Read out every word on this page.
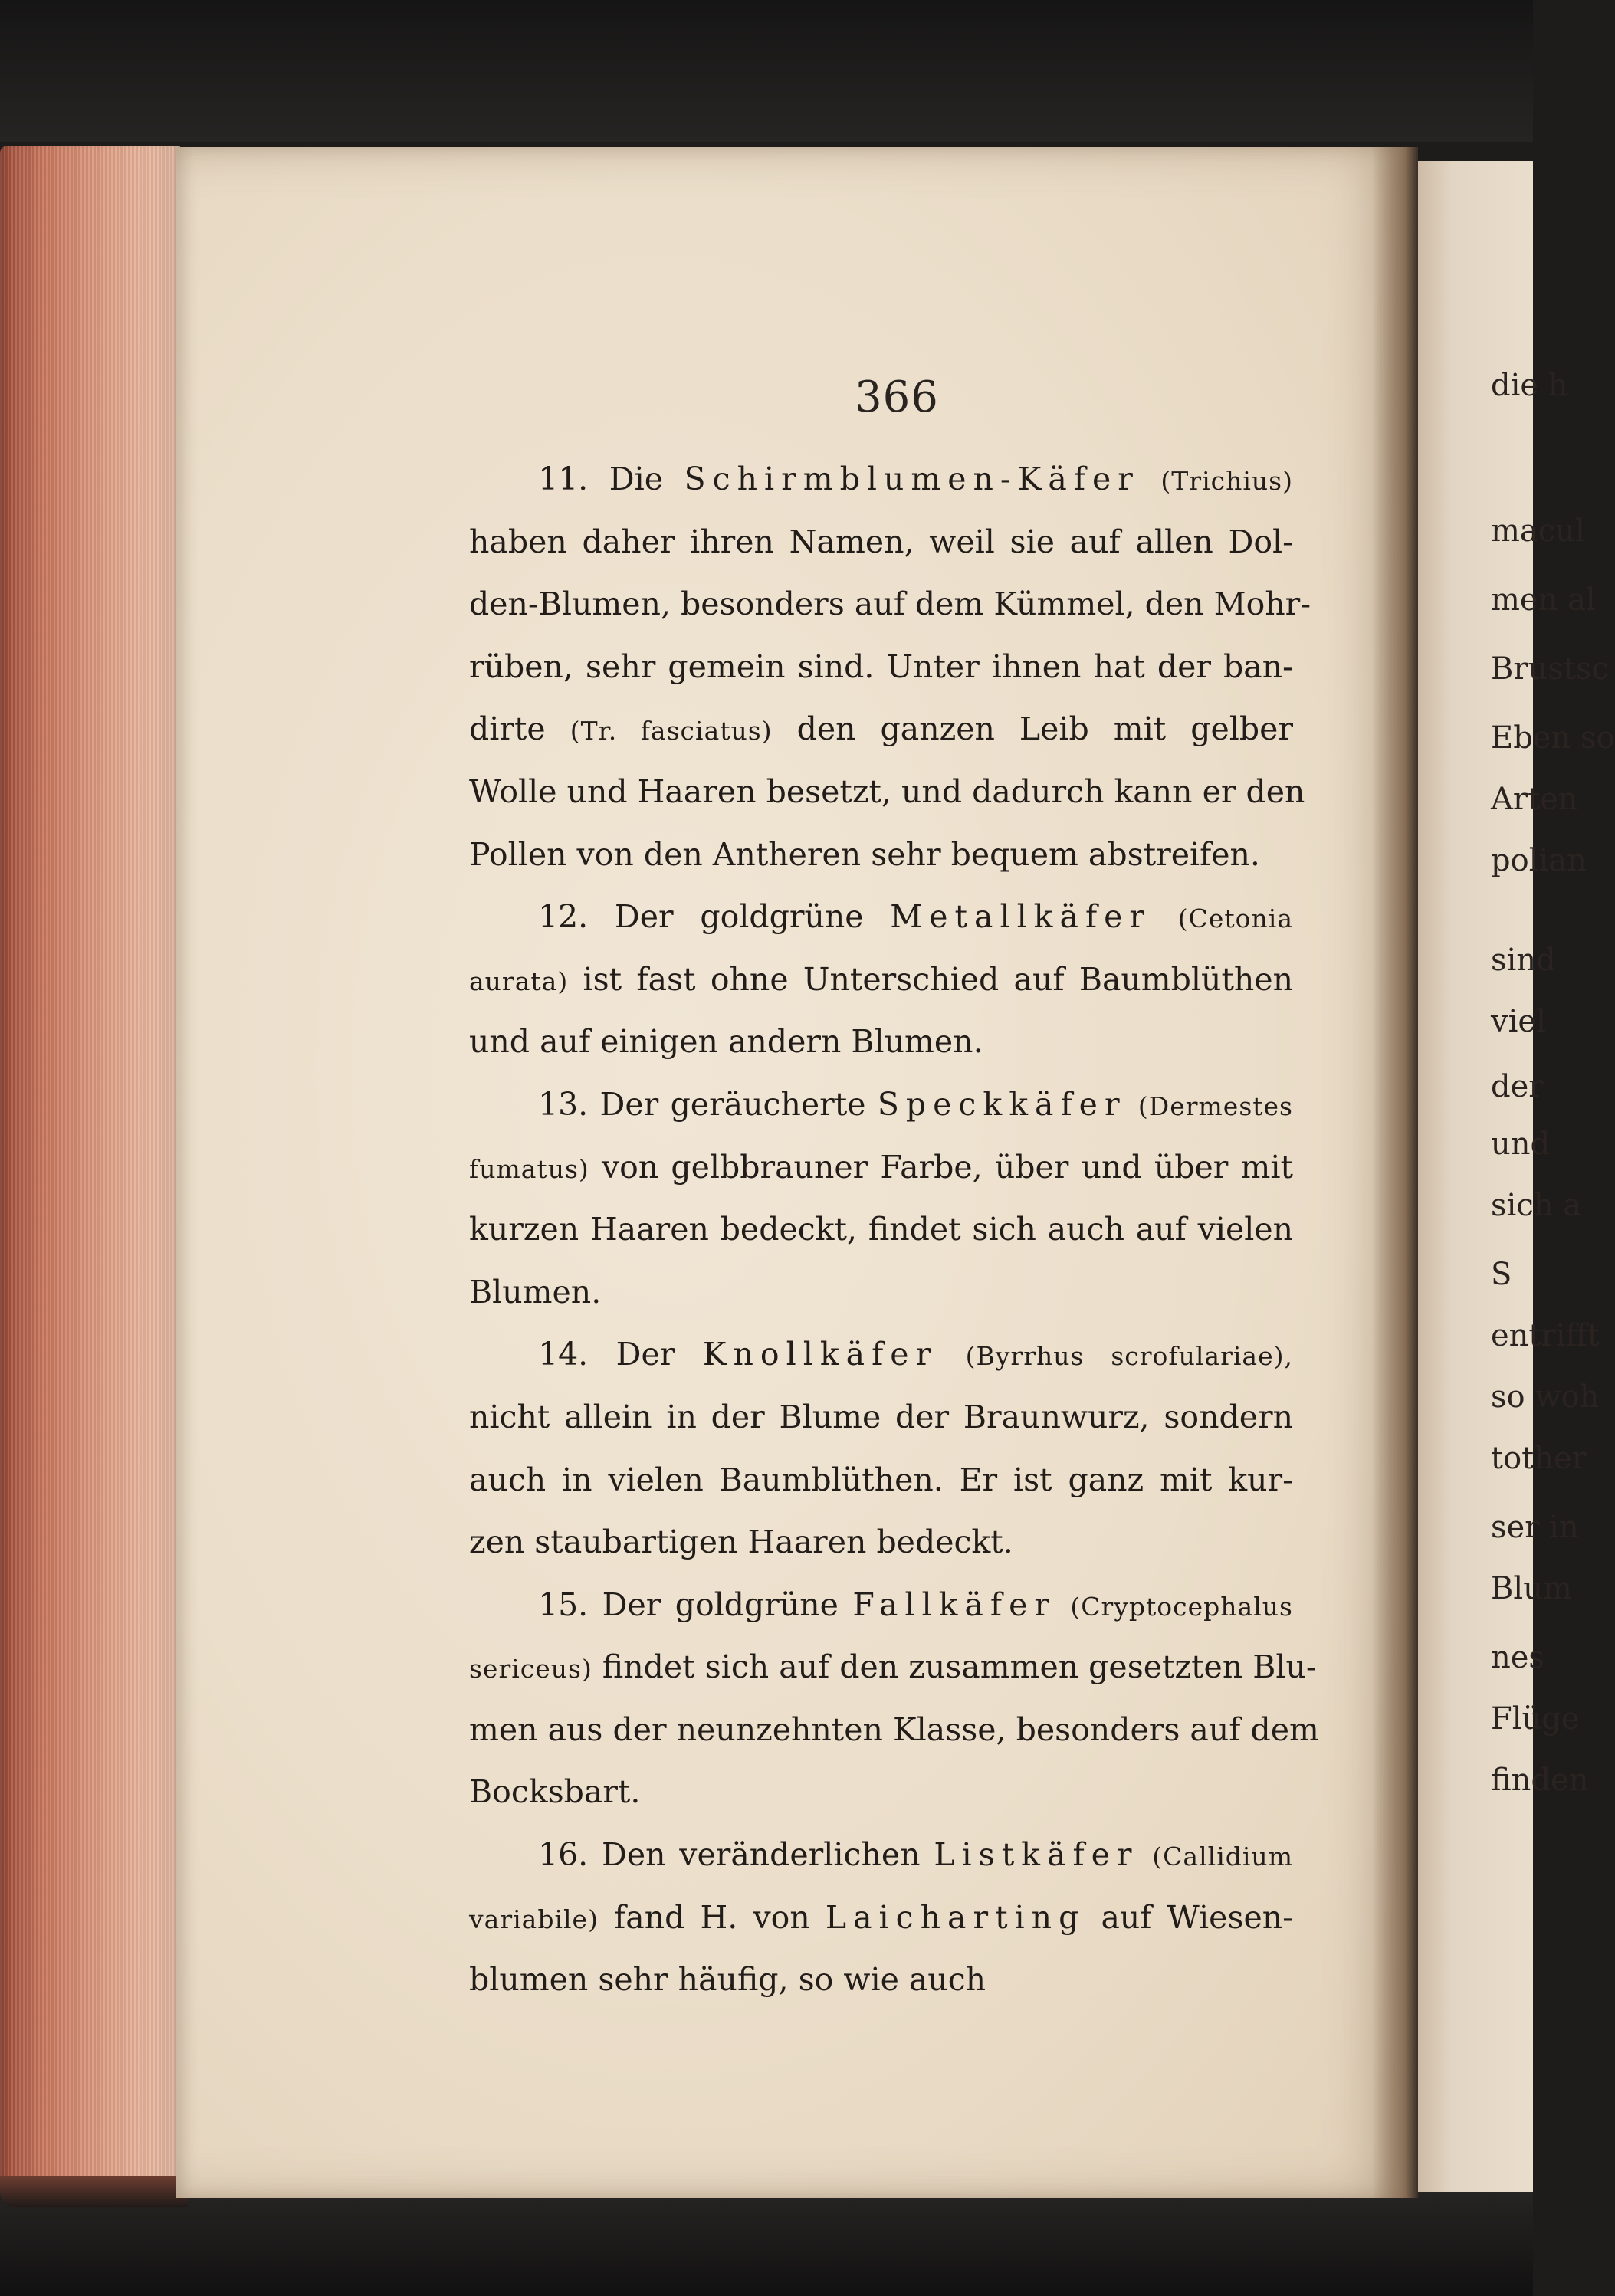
die h
macul
men al
Brustsc
Eben so
Arten
polian
sind
viel
der
und
sich a
S
entrifft
so woh
tother
ser in
Blum
nes
Flüge
finden
366
11. Die Schirmblumen-Käfer (Trichius)
haben daher ihren Namen, weil sie auf allen Dol-
den-Blumen, besonders auf dem Kümmel, den Mohr-
rüben, sehr gemein sind. Unter ihnen hat der ban-
dirte (Tr. fasciatus) den ganzen Leib mit gelber
Wolle und Haaren besetzt, und dadurch kann er den
Pollen von den Antheren sehr bequem abstreifen.
12. Der goldgrüne Metallkäfer (Cetonia
aurata) ist fast ohne Unterschied auf Baumblüthen
und auf einigen andern Blumen.
13. Der geräucherte Speckkäfer (Dermestes
fumatus) von gelbbrauner Farbe, über und über mit
kurzen Haaren bedeckt, findet sich auch auf vielen
Blumen.
14. Der Knollkäfer (Byrrhus scrofulariae),
nicht allein in der Blume der Braunwurz, sondern
auch in vielen Baumblüthen. Er ist ganz mit kur-
zen staubartigen Haaren bedeckt.
15. Der goldgrüne Fallkäfer (Cryptocephalus
sericeus) findet sich auf den zusammen gesetzten Blu-
men aus der neunzehnten Klasse, besonders auf dem
Bocksbart.
16. Den veränderlichen Listkäfer (Callidium
variabile) fand H. von Laicharting auf Wiesen-
blumen sehr häufig, so wie auch
